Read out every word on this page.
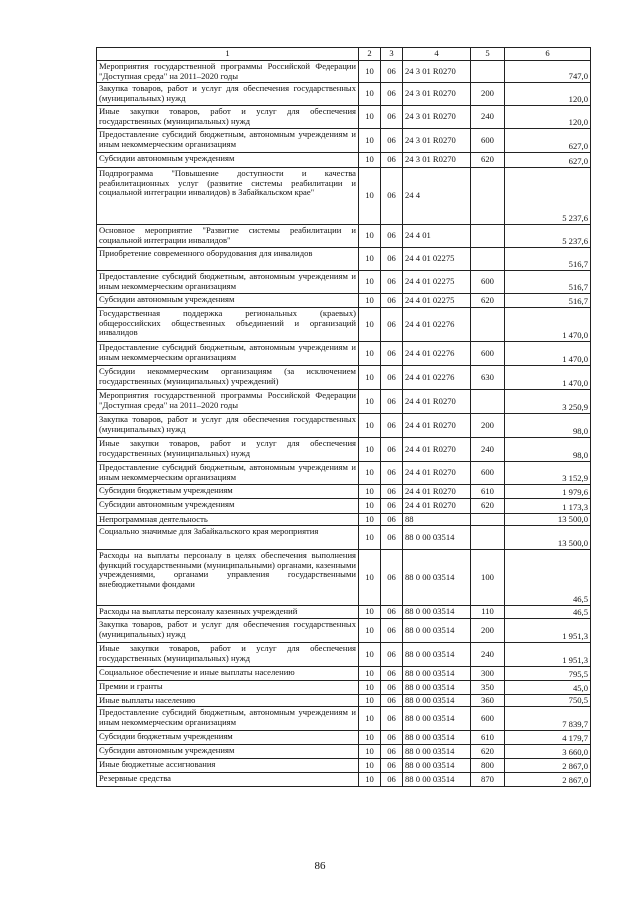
1	2	3	4	5	6
Мероприятия государственной программы Российской Федерации "Доступная среда" на 2011–2020 годы	10	06	24 3 01 R0270		747,0
Закупка товаров, работ и услуг для обеспечения государственных (муниципальных) нужд	10	06	24 3 01 R0270	200	120,0
Иные закупки товаров, работ и услуг для обеспечения государственных (муниципальных) нужд	10	06	24 3 01 R0270	240	120,0
Предоставление субсидий бюджетным, автономным учреждениям и иным некоммерческим организациям	10	06	24 3 01 R0270	600	627,0
Субсидии автономным учреждениям	10	06	24 3 01 R0270	620	627,0
Подпрограмма "Повышение доступности и качества реабилитационных услуг (развитие системы реабилитации и социальной интеграции инвалидов) в Забайкальском крае"	10	06	24 4		5 237,6
Основное мероприятие "Развитие системы реабилитации и социальной интеграции инвалидов"	10	06	24 4 01		5 237,6
Приобретение современного оборудования для инвалидов	10	06	24 4 01 02275		516,7
Предоставление субсидий бюджетным, автономным учреждениям и иным некоммерческим организациям	10	06	24 4 01 02275	600	516,7
Субсидии автономным учреждениям	10	06	24 4 01 02275	620	516,7
Государственная поддержка региональных (краевых) общероссийских общественных объединений и организаций инвалидов	10	06	24 4 01 02276		1 470,0
Предоставление субсидий бюджетным, автономным учреждениям и иным некоммерческим организациям	10	06	24 4 01 02276	600	1 470,0
Субсидии некоммерческим организациям (за исключением государственных (муниципальных) учреждений)	10	06	24 4 01 02276	630	1 470,0
Мероприятия государственной программы Российской Федерации "Доступная среда" на 2011–2020 годы	10	06	24 4 01 R0270		3 250,9
Закупка товаров, работ и услуг для обеспечения государственных (муниципальных) нужд	10	06	24 4 01 R0270	200	98,0
Иные закупки товаров, работ и услуг для обеспечения государственных (муниципальных) нужд	10	06	24 4 01 R0270	240	98,0
Предоставление субсидий бюджетным, автономным учреждениям и иным некоммерческим организациям	10	06	24 4 01 R0270	600	3 152,9
Субсидии бюджетным учреждениям	10	06	24 4 01 R0270	610	1 979,6
Субсидии автономным учреждениям	10	06	24 4 01 R0270	620	1 173,3
Непрограммная деятельность	10	06	88		13 500,0
Социально значимые для Забайкальского края мероприятия	10	06	88 0 00 03514		13 500,0
Расходы на выплаты персоналу в целях обеспечения выполнения функций государственными (муниципальными) органами, казенными учреждениями, органами управления государственными внебюджетными фондами	10	06	88 0 00 03514	100	46,5
Расходы на выплаты персоналу казенных учреждений	10	06	88 0 00 03514	110	46,5
Закупка товаров, работ и услуг для обеспечения государственных (муниципальных) нужд	10	06	88 0 00 03514	200	1 951,3
Иные закупки товаров, работ и услуг для обеспечения государственных (муниципальных) нужд	10	06	88 0 00 03514	240	1 951,3
Социальное обеспечение и иные выплаты населению	10	06	88 0 00 03514	300	795,5
Премии и гранты	10	06	88 0 00 03514	350	45,0
Иные выплаты населению	10	06	88 0 00 03514	360	750,5
Предоставление субсидий бюджетным, автономным учреждениям и иным некоммерческим организациям	10	06	88 0 00 03514	600	7 839,7
Субсидии бюджетным учреждениям	10	06	88 0 00 03514	610	4 179,7
Субсидии автономным учреждениям	10	06	88 0 00 03514	620	3 660,0
Иные бюджетные ассигнования	10	06	88 0 00 03514	800	2 867,0
Резервные средства	10	06	88 0 00 03514	870	2 867,0
86
